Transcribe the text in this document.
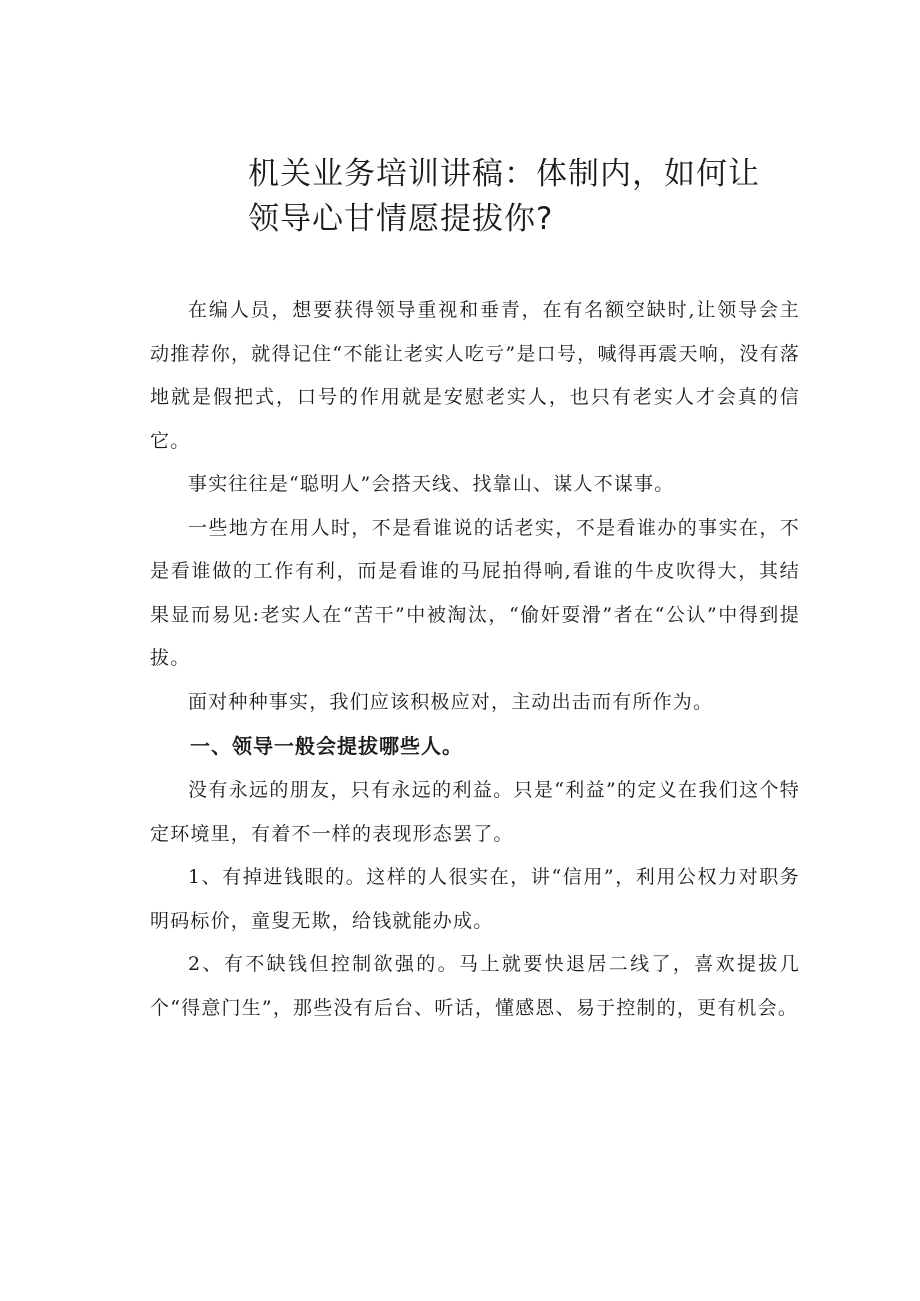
机关业务培训讲稿：体制内，如何让
领导心甘情愿提拔你?

在编人员，想要获得领导重视和垂青，在有名额空缺时,让领导会主动推荐你，就得记住“不能让老实人吃亏”是口号，喊得再震天响，没有落地就是假把式，口号的作用就是安慰老实人，也只有老实人才会真的信它。

事实往往是“聪明人”会搭天线、找靠山、谋人不谋事。

一些地方在用人时，不是看谁说的话老实，不是看谁办的事实在，不是看谁做的工作有利，而是看谁的马屁拍得响,看谁的牛皮吹得大，其结果显而易见:老实人在“苦干”中被淘汰，“偷奸耍滑”者在“公认”中得到提拔。

面对种种事实，我们应该积极应对，主动出击而有所作为。

一、领导一般会提拔哪些人。

没有永远的朋友，只有永远的利益。只是“利益”的定义在我们这个特定环境里，有着不一样的表现形态罢了。

1、有掉进钱眼的。这样的人很实在，讲“信用”，利用公权力对职务明码标价，童叟无欺，给钱就能办成。

2、有不缺钱但控制欲强的。马上就要快退居二线了，喜欢提拔几个“得意门生”，那些没有后台、听话，懂感恩、易于控制的，更有机会。
